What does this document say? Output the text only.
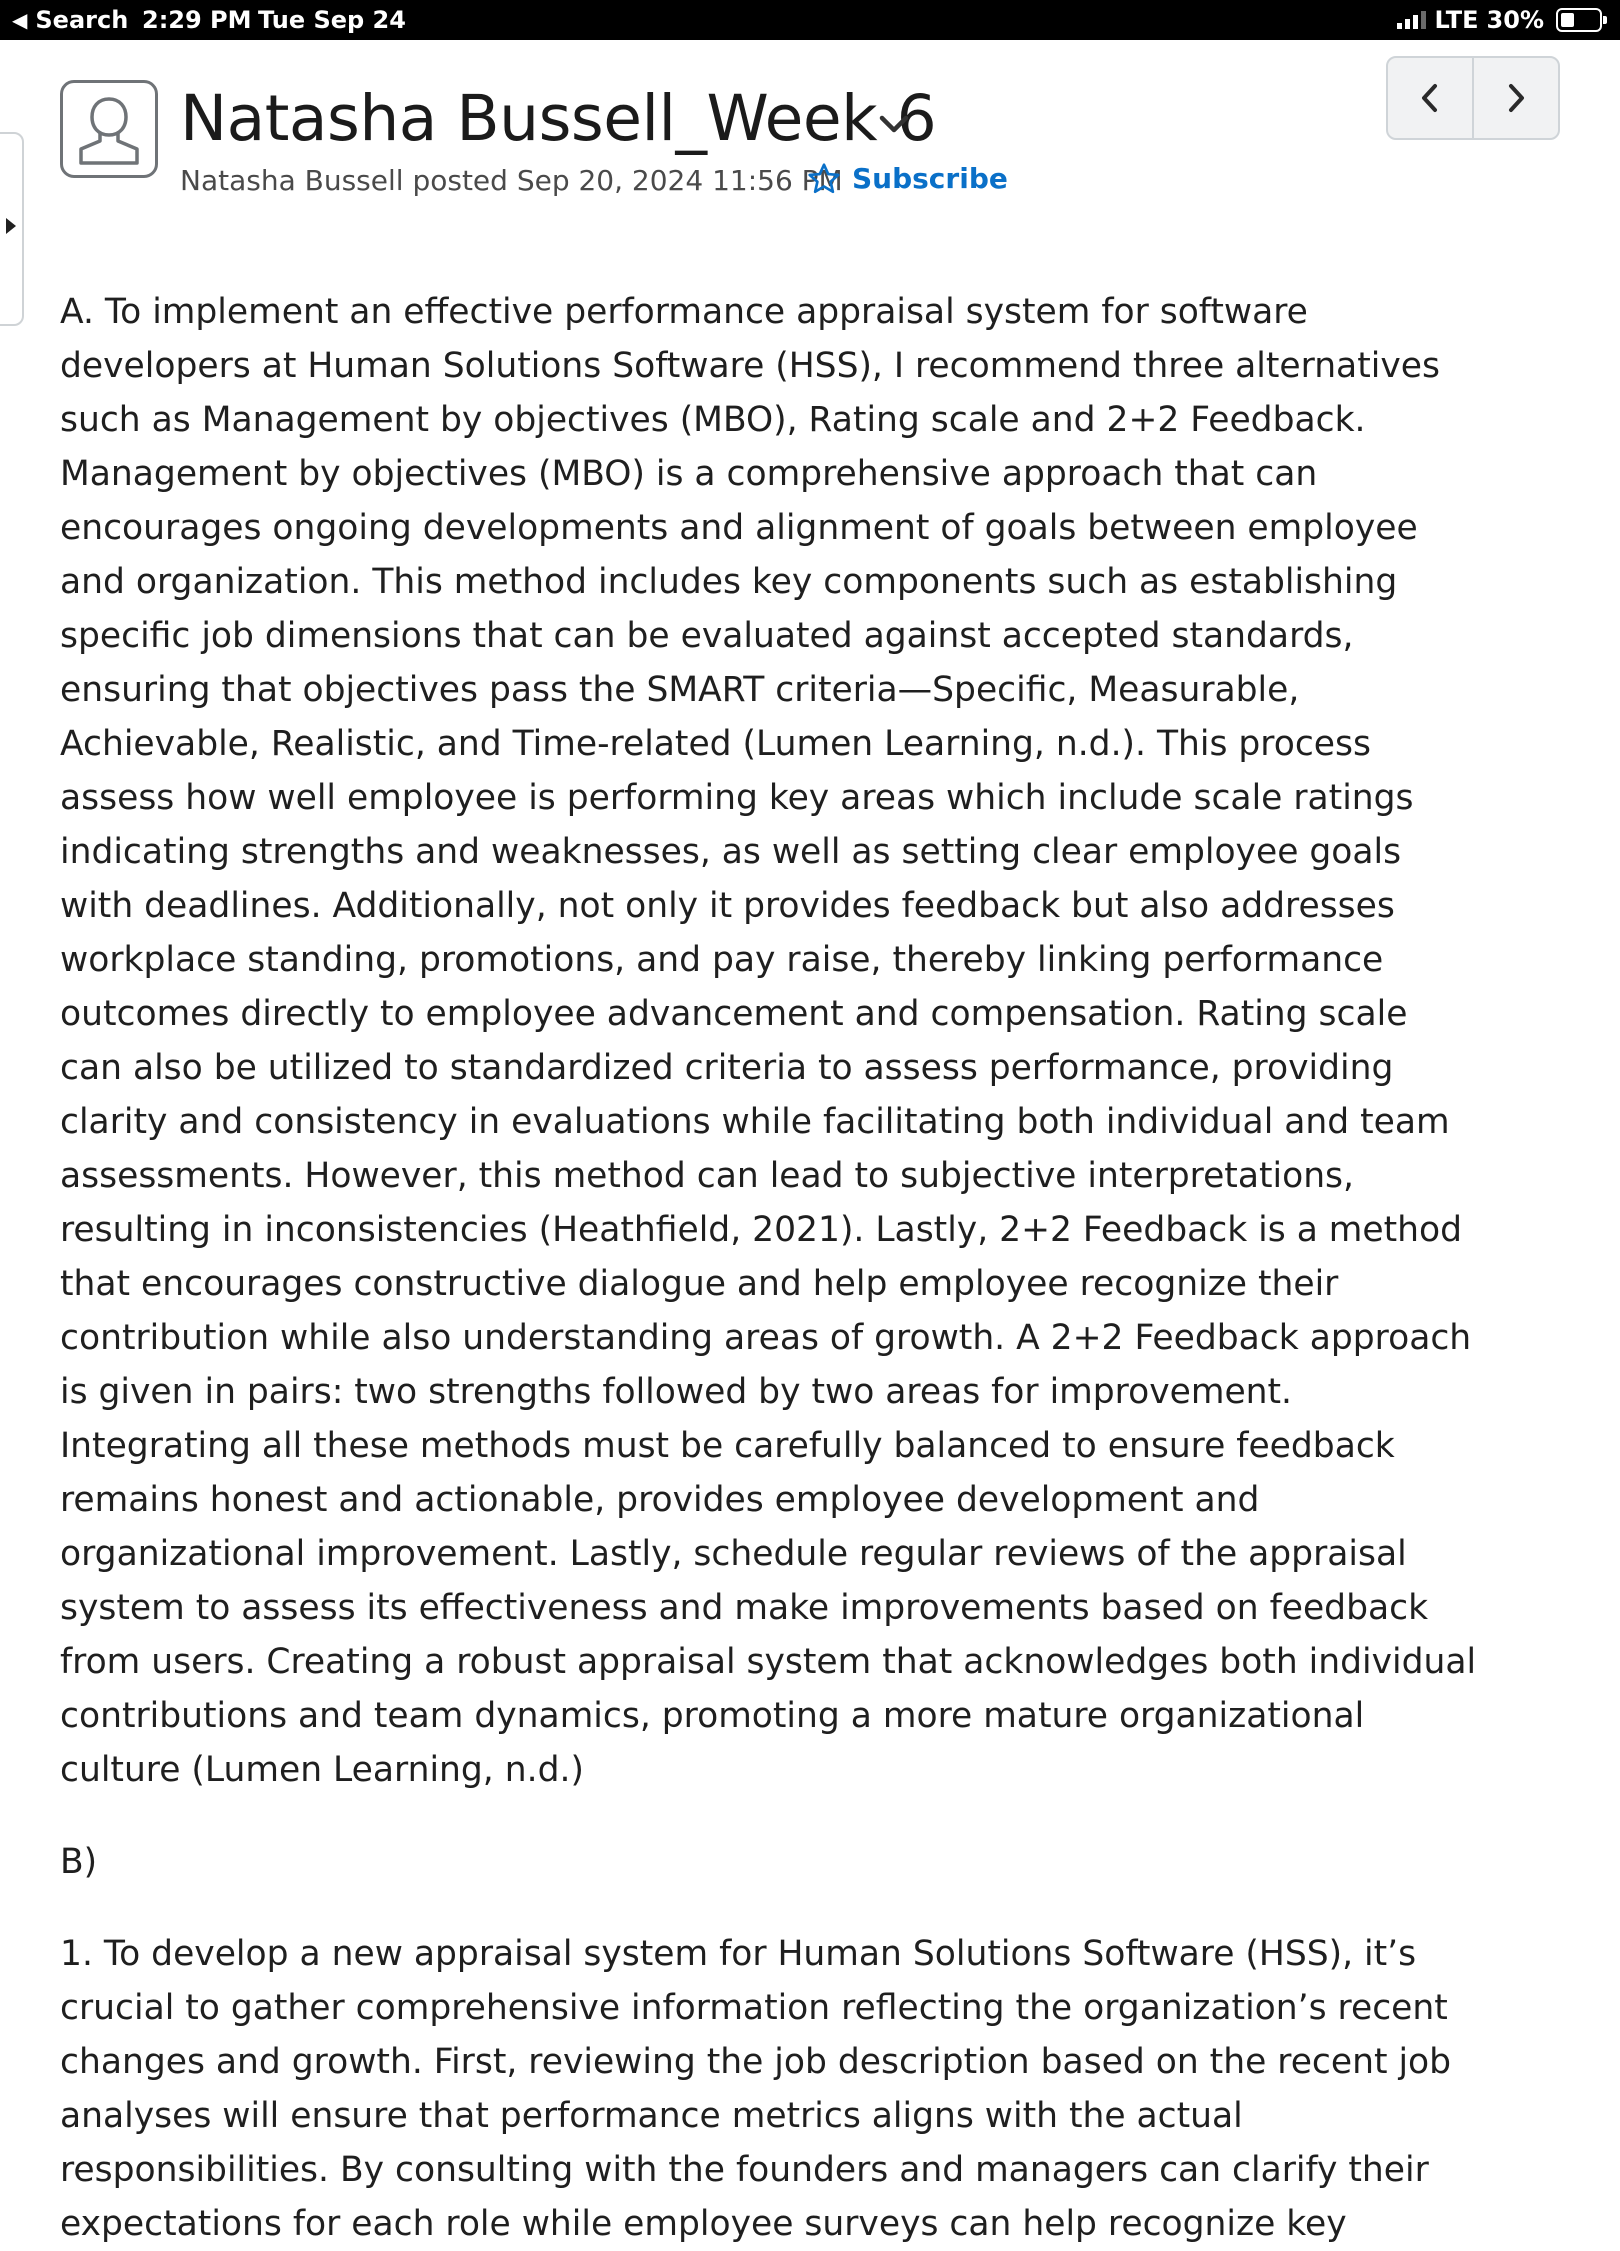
◀ Search 2:29 PM Tue Sep 24	LTE 30%
Natasha Bussell_Week 6
Natasha Bussell posted Sep 20, 2024 11:56 PM Subscribe

A. To implement an effective performance appraisal system for software developers at Human Solutions Software (HSS), I recommend three alternatives such as Management by objectives (MBO), Rating scale and 2+2 Feedback. Management by objectives (MBO) is a comprehensive approach that can encourages ongoing developments and alignment of goals between employee and organization. This method includes key components such as establishing specific job dimensions that can be evaluated against accepted standards, ensuring that objectives pass the SMART criteria—Specific, Measurable, Achievable, Realistic, and Time-related (Lumen Learning, n.d.). This process assess how well employee is performing key areas which include scale ratings indicating strengths and weaknesses, as well as setting clear employee goals with deadlines. Additionally, not only it provides feedback but also addresses workplace standing, promotions, and pay raise, thereby linking performance outcomes directly to employee advancement and compensation. Rating scale can also be utilized to standardized criteria to assess performance, providing clarity and consistency in evaluations while facilitating both individual and team assessments. However, this method can lead to subjective interpretations, resulting in inconsistencies (Heathfield, 2021). Lastly, 2+2 Feedback is a method that encourages constructive dialogue and help employee recognize their contribution while also understanding areas of growth. A 2+2 Feedback approach is given in pairs: two strengths followed by two areas for improvement. Integrating all these methods must be carefully balanced to ensure feedback remains honest and actionable, provides employee development and organizational improvement. Lastly, schedule regular reviews of the appraisal system to assess its effectiveness and make improvements based on feedback from users. Creating a robust appraisal system that acknowledges both individual contributions and team dynamics, promoting a more mature organizational culture (Lumen Learning, n.d.)

B)

1. To develop a new appraisal system for Human Solutions Software (HSS), it’s crucial to gather comprehensive information reflecting the organization’s recent changes and growth. First, reviewing the job description based on the recent job analyses will ensure that performance metrics aligns with the actual responsibilities. By consulting with the founders and managers can clarify their expectations for each role while employee surveys can help recognize key
